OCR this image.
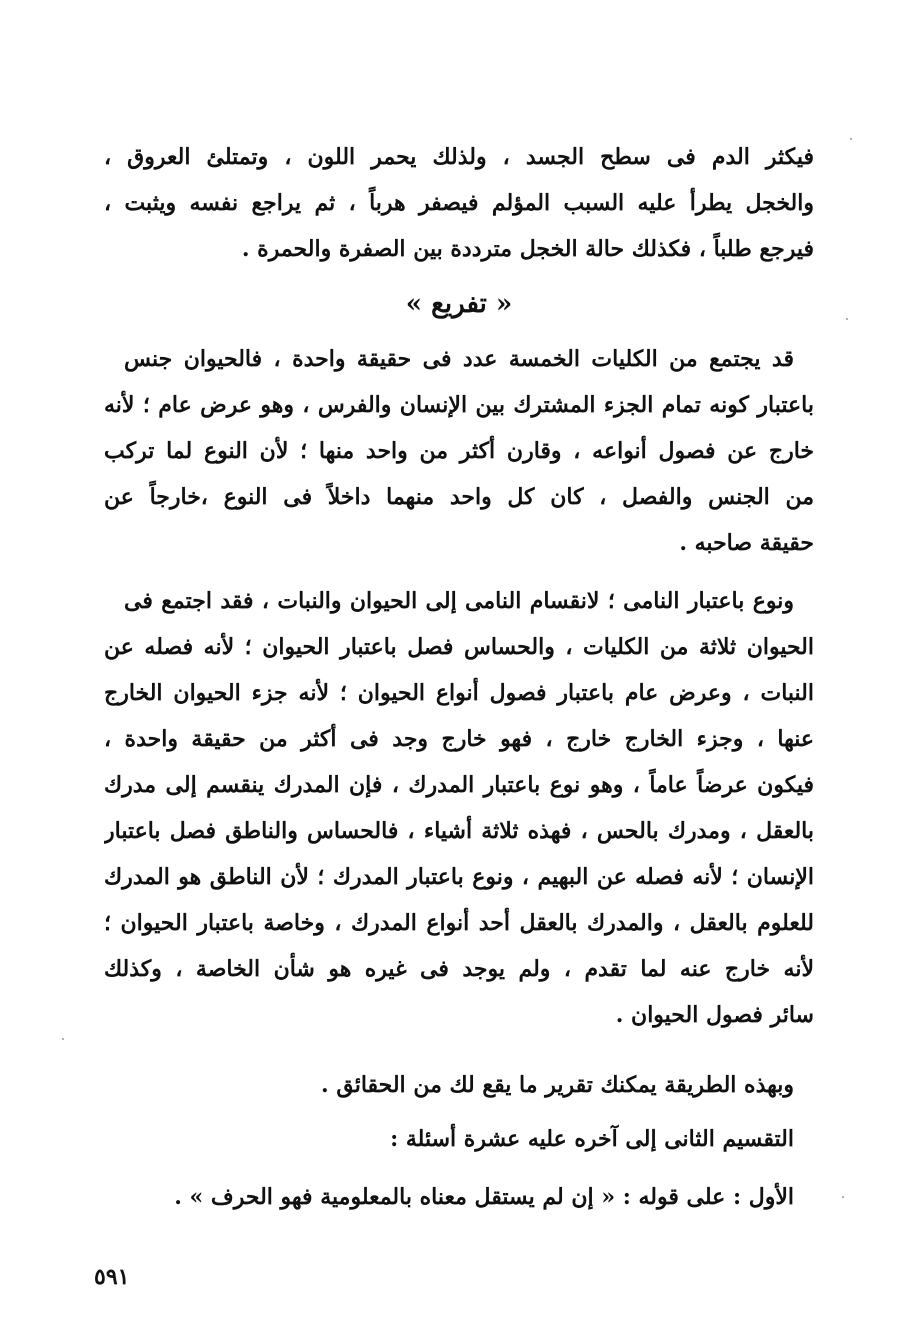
فيكثر الدم فى سطح الجسد ، ولذلك يحمر اللون ، وتمتلئ العروق ،
والخجل يطرأ عليه السبب المؤلم فيصفر هرباً ، ثم يراجع نفسه ويثبت ،
فيرجع طلباً ، فكذلك حالة الخجل مترددة بين الصفرة والحمرة .
« تفريع »
قد يجتمع من الكليات الخمسة عدد فى حقيقة واحدة ، فالحيوان جنس
باعتبار كونه تمام الجزء المشترك بين الإنسان والفرس ، وهو عرض عام ؛ لأنه
خارج عن فصول أنواعه ، وقارن أكثر من واحد منها ؛ لأن النوع لما تركب
من الجنس والفصل ، كان كل واحد منهما داخلاً فى النوع ،خارجاً عن
حقيقة صاحبه .
ونوع باعتبار النامى ؛ لانقسام النامى إلى الحيوان والنبات ، فقد اجتمع فى
الحيوان ثلاثة من الكليات ، والحساس فصل باعتبار الحيوان ؛ لأنه فصله عن
النبات ، وعرض عام باعتبار فصول أنواع الحيوان ؛ لأنه جزء الحيوان الخارج
عنها ، وجزء الخارج خارج ، فهو خارج وجد فى أكثر من حقيقة واحدة ،
فيكون عرضاً عاماً ، وهو نوع باعتبار المدرك ، فإن المدرك ينقسم إلى مدرك
بالعقل ، ومدرك بالحس ، فهذه ثلاثة أشياء ، فالحساس والناطق فصل باعتبار
الإنسان ؛ لأنه فصله عن البهيم ، ونوع باعتبار المدرك ؛ لأن الناطق هو المدرك
للعلوم بالعقل ، والمدرك بالعقل أحد أنواع المدرك ، وخاصة باعتبار الحيوان ؛
لأنه خارج عنه لما تقدم ، ولم يوجد فى غيره هو شأن الخاصة ، وكذلك
سائر فصول الحيوان .
وبهذه الطريقة يمكنك تقرير ما يقع لك من الحقائق .
التقسيم الثانى إلى آخره عليه عشرة أسئلة :
الأول : على قوله : « إن لم يستقل معناه بالمعلومية فهو الحرف » .
٥٩١
